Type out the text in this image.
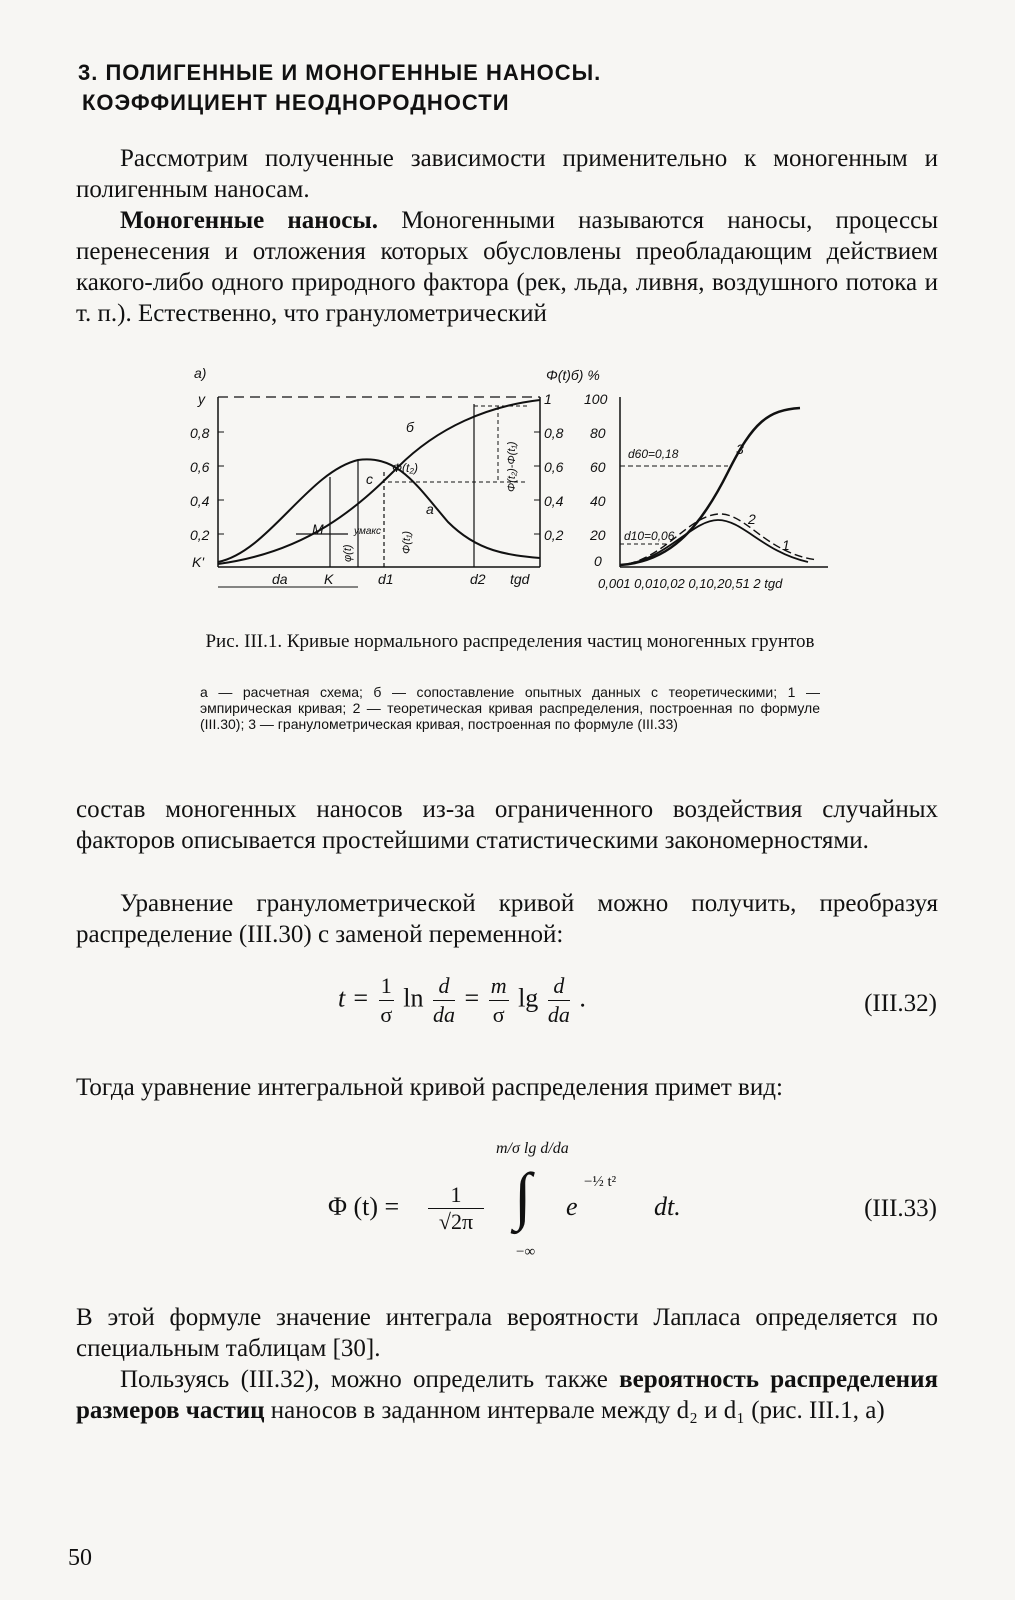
3. ПОЛИГЕННЫЕ И МОНОГЕННЫЕ НАНОСЫ.
КОЭФФИЦИЕНТ НЕОДНОРОДНОСТИ
Рассмотрим полученные зависимости применительно к моногенным и полигенным наносам.
Моногенные наносы. Моногенными называются наносы, процессы перенесения и отложения которых обусловлены преобладающим действием какого-либо одного природного фактора (рек, льда, ливня, воздушного потока и т. п.). Естественно, что гранулометрический
а)
y
0,8
0,6
0,4
0,2
K'
1
0,8
0,6
0,4
0,2
б
а
с
М
Φ(t₂)
yмакс
φ(t)	Φ(t₁)
Φ(t₂)-Φ(t₁)
da	K	d1	d2 tgd
Φ(t)б) %
100
80
60
40
20
0
d60=0,18
d10=0,06
3
2
1
0,001 0,010,02 0,10,20,51 2 tgd
Рис. III.1. Кривые нормального распределения частиц моногенных грунтов
а — расчетная схема; б — сопоставление опытных данных с теоретическими; 1 — эмпирическая кривая; 2 — теоретическая кривая распределения, построенная по формуле (III.30); 3 — гранулометрическая кривая, построенная по формуле (III.33)
состав моногенных наносов из-за ограниченного воздействия случайных факторов описывается простейшими статистическими закономерностями.
Уравнение гранулометрической кривой можно получить, преобразуя распределение (III.30) с заменой переменной:
$t = \frac{1}{\sigma}$ $\ln \frac{d}{da} = \frac{m}{\sigma}$ $\lg \frac{d}{da}$ .	(III.32)
Тогда уравнение интегральной кривой распределения примет вид:
Φ (t) =	1
√2π
m/σ lg d/da
∫
−∞
e
−½ t²
dt.	(III.33)
В этой формуле значение интеграла вероятности Лапласа определяется по специальным таблицам [30].
Пользуясь (III.32), можно определить также вероятность распределения размеров частиц наносов в заданном интервале между d₂ и d₁ (рис. III.1, а)
50
